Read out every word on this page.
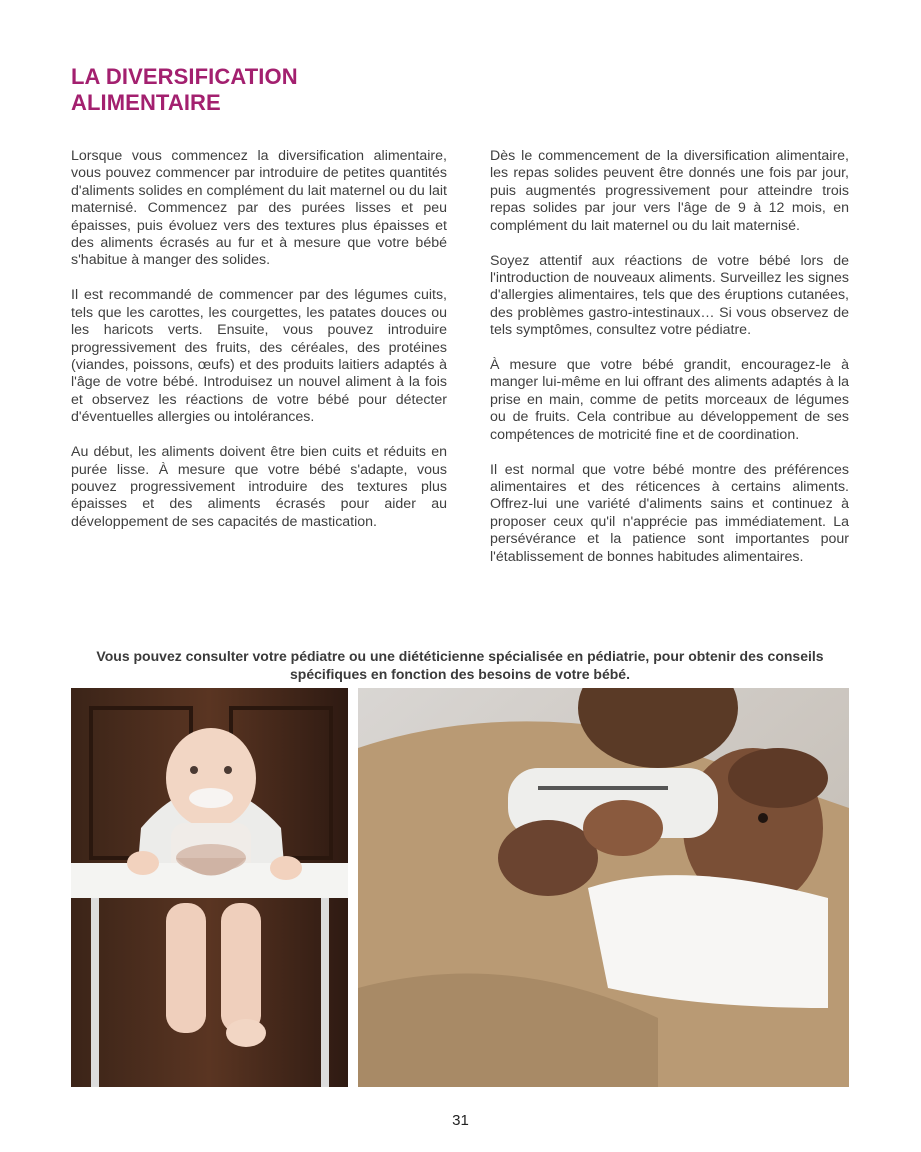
LA DIVERSIFICATION
ALIMENTAIRE

Lorsque vous commencez la diversification alimentaire, vous pouvez commencer par introduire de petites quantités d'aliments solides en complément du lait maternel ou du lait maternisé. Commencez par des purées lisses et peu épaisses, puis évoluez vers des textures plus épaisses et des aliments écrasés au fur et à mesure que votre bébé s'habitue à manger des solides.

Il est recommandé de commencer par des légumes cuits, tels que les carottes, les courgettes, les patates douces ou les haricots verts. Ensuite, vous pouvez introduire progressivement des fruits, des céréales, des protéines (viandes, poissons, œufs) et des produits laitiers adaptés à l'âge de votre bébé. Introduisez un nouvel aliment à la fois et observez les réactions de votre bébé pour détecter d'éventuelles allergies ou intolérances.

Au début, les aliments doivent être bien cuits et réduits en purée lisse. À mesure que votre bébé s'adapte, vous pouvez progressivement introduire des textures plus épaisses et des aliments écrasés pour aider au développement de ses capacités de mastication.

Dès le commencement de la diversification alimentaire, les repas solides peuvent être donnés une fois par jour, puis augmentés progressivement pour atteindre trois repas solides par jour vers l'âge de 9 à 12 mois, en complément du lait maternel ou du lait maternisé.

Soyez attentif aux réactions de votre bébé lors de l'introduction de nouveaux aliments. Surveillez les signes d'allergies alimentaires, tels que des éruptions cutanées, des problèmes gastro-intestinaux… Si vous observez de tels symptômes, consultez votre pédiatre.

À mesure que votre bébé grandit, encouragez-le à manger lui-même en lui offrant des aliments adaptés à la prise en main, comme de petits morceaux de légumes ou de fruits. Cela contribue au développement de ses compétences de motricité fine et de coordination.

Il est normal que votre bébé montre des préférences alimentaires et des réticences à certains aliments. Offrez-lui une variété d'aliments sains et continuez à proposer ceux qu'il n'apprécie pas immédiatement. La persévérance et la patience sont importantes pour l'établissement de bonnes habitudes alimentaires.

Vous pouvez consulter votre pédiatre ou une diététicienne spécialisée en pédiatrie, pour obtenir des conseils spécifiques en fonction des besoins de votre bébé.
31
